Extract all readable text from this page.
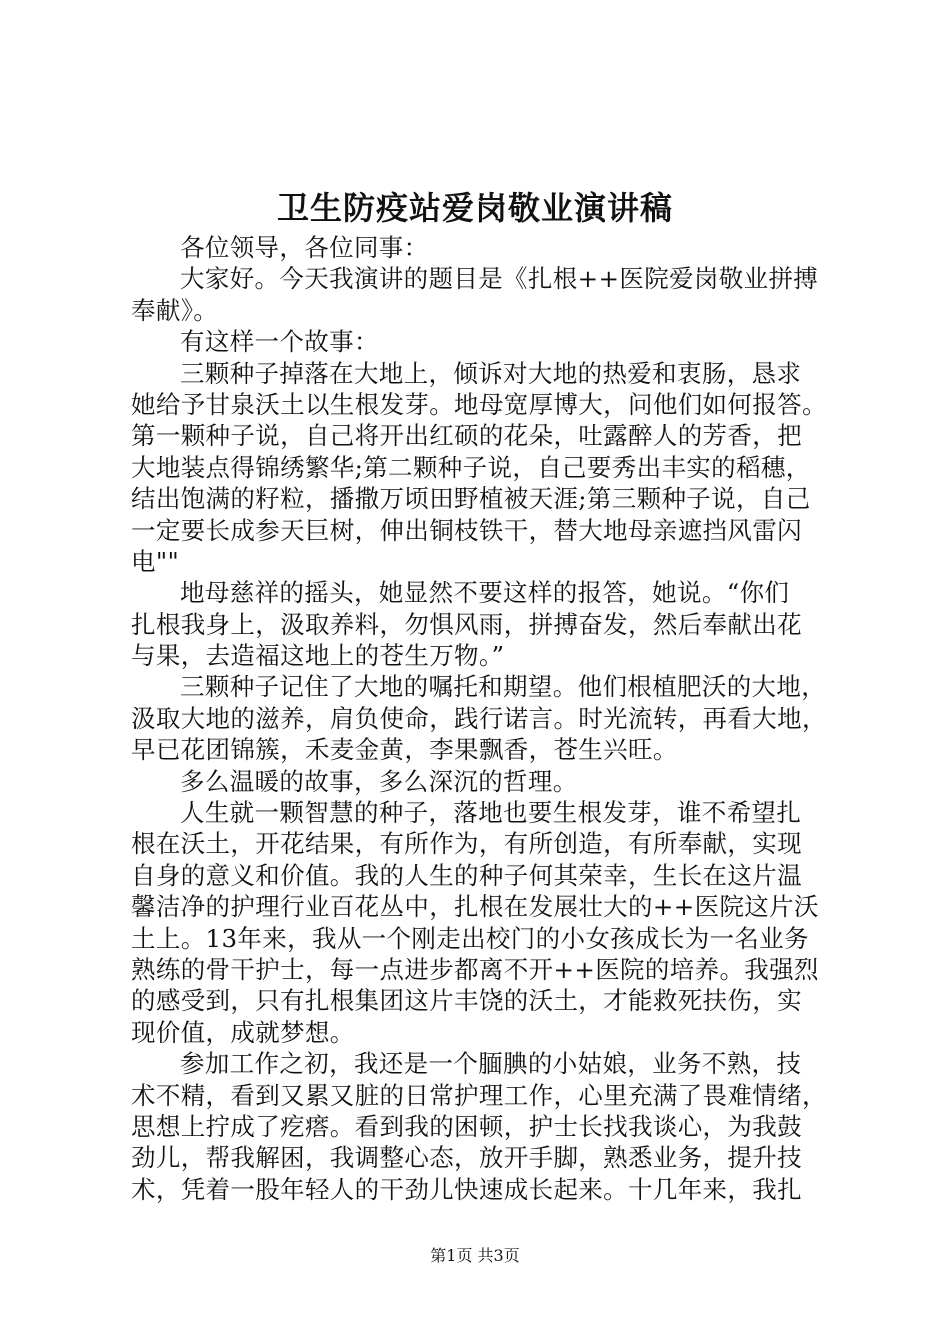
卫生防疫站爱岗敬业演讲稿
各位领导，各位同事：
大家好。今天我演讲的题目是《扎根++医院爱岗敬业拼搏
奉献》。
有这样一个故事：
三颗种子掉落在大地上，倾诉对大地的热爱和衷肠，恳求
她给予甘泉沃土以生根发芽。地母宽厚博大，问他们如何报答。
第一颗种子说，自己将开出红硕的花朵，吐露醉人的芳香，把
大地装点得锦绣繁华;第二颗种子说，自己要秀出丰实的稻穗，
结出饱满的籽粒，播撒万顷田野植被天涯;第三颗种子说，自己
一定要长成参天巨树，伸出铜枝铁干，替大地母亲遮挡风雷闪
电""
地母慈祥的摇头，她显然不要这样的报答，她说。“你们
扎根我身上，汲取养料，勿惧风雨，拼搏奋发，然后奉献出花
与果，去造福这地上的苍生万物。”
三颗种子记住了大地的嘱托和期望。他们根植肥沃的大地，
汲取大地的滋养，肩负使命，践行诺言。时光流转，再看大地，
早已花团锦簇，禾麦金黄，李果飘香，苍生兴旺。
多么温暖的故事，多么深沉的哲理。
人生就一颗智慧的种子，落地也要生根发芽，谁不希望扎
根在沃土，开花结果，有所作为，有所创造，有所奉献，实现
自身的意义和价值。我的人生的种子何其荣幸，生长在这片温
馨洁净的护理行业百花丛中，扎根在发展壮大的++医院这片沃
土上。13年来，我从一个刚走出校门的小女孩成长为一名业务
熟练的骨干护士，每一点进步都离不开++医院的培养。我强烈
的感受到，只有扎根集团这片丰饶的沃土，才能救死扶伤，实
现价值，成就梦想。
参加工作之初，我还是一个腼腆的小姑娘，业务不熟，技
术不精，看到又累又脏的日常护理工作，心里充满了畏难情绪，
思想上拧成了疙瘩。看到我的困顿，护士长找我谈心，为我鼓
劲儿，帮我解困，我调整心态，放开手脚，熟悉业务，提升技
术，凭着一股年轻人的干劲儿快速成长起来。十几年来，我扎
第1页 共3页
